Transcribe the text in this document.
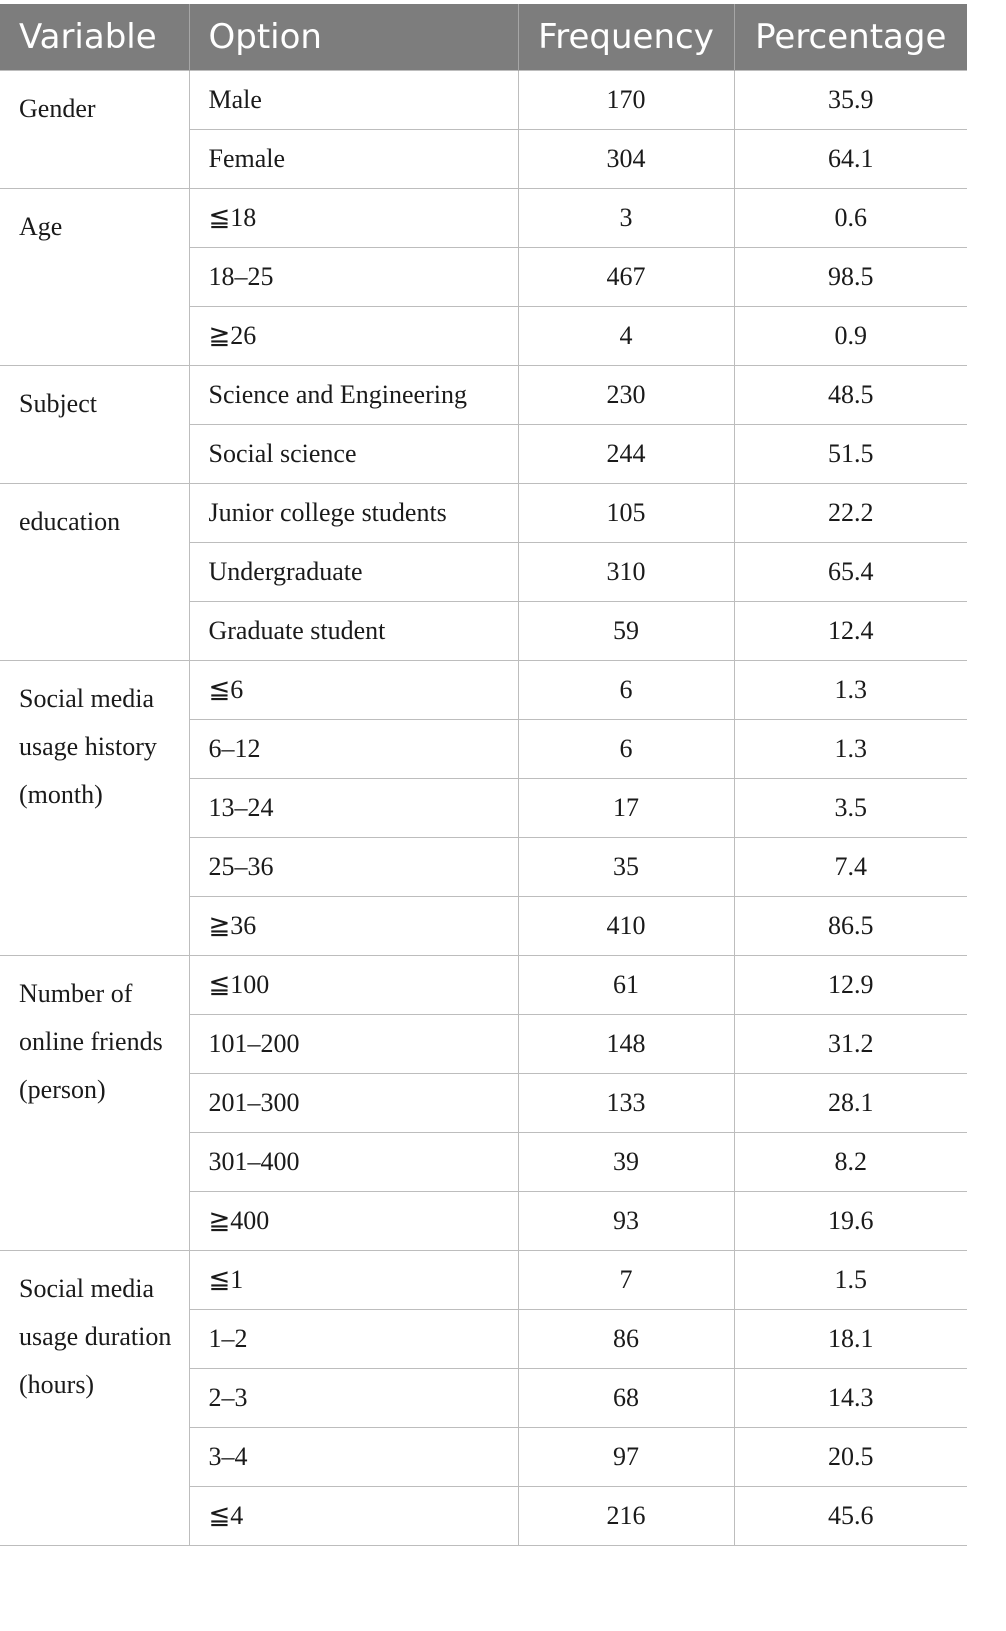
Variable	Option	Frequency	Percentage
Gender	Male	170	35.9
	Female	304	64.1
Age	≦18	3	0.6
	18–25	467	98.5
	≧26	4	0.9
Subject	Science and Engineering	230	48.5
	Social science	244	51.5
education	Junior college students	105	22.2
	Undergraduate	310	65.4
	Graduate student	59	12.4
Social media usage history (month)	≦6	6	1.3
	6–12	6	1.3
	13–24	17	3.5
	25–36	35	7.4
	≧36	410	86.5
Number of online friends (person)	≦100	61	12.9
	101–200	148	31.2
	201–300	133	28.1
	301–400	39	8.2
	≧400	93	19.6
Social media usage duration (hours)	≦1	7	1.5
	1–2	86	18.1
	2–3	68	14.3
	3–4	97	20.5
	≦4	216	45.6
